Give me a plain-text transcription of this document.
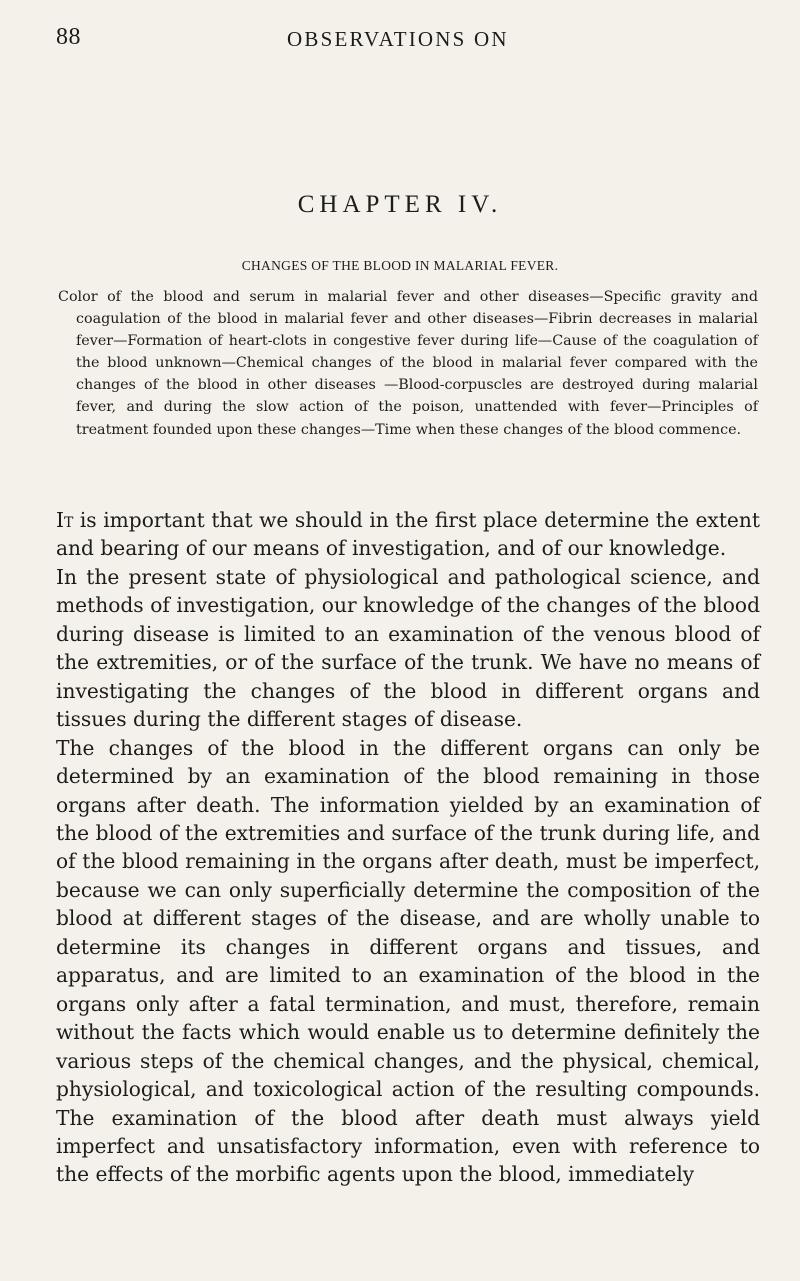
88	OBSERVATIONS ON
CHAPTER IV.
CHANGES OF THE BLOOD IN MALARIAL FEVER.

Color of the blood and serum in malarial fever and other diseases—Specific gravity and coagulation of the blood in malarial fever and other diseases—Fibrin decreases in malarial fever—Formation of heart-clots in congestive fever during life—Cause of the coagulation of the blood unknown—Chemical changes of the blood in malarial fever compared with the changes of the blood in other diseases —Blood-corpuscles are destroyed during malarial fever, and during the slow action of the poison, unattended with fever—Principles of treatment founded upon these changes—Time when these changes of the blood commence.

It is important that we should in the first place determine the extent and bearing of our means of investigation, and of our knowledge.

In the present state of physiological and pathological science, and methods of investigation, our knowledge of the changes of the blood during disease is limited to an examination of the venous blood of the extremities, or of the surface of the trunk. We have no means of investigating the changes of the blood in different organs and tissues during the different stages of disease.

The changes of the blood in the different organs can only be determined by an examination of the blood remaining in those organs after death. The information yielded by an examination of the blood of the extremities and surface of the trunk during life, and of the blood remaining in the organs after death, must be imperfect, because we can only superficially determine the composition of the blood at different stages of the disease, and are wholly unable to determine its changes in different organs and tissues, and apparatus, and are limited to an examination of the blood in the organs only after a fatal termination, and must, therefore, remain without the facts which would enable us to determine definitely the various steps of the chemical changes, and the physical, chemical, physiological, and toxicological action of the resulting compounds. The examination of the blood after death must always yield imperfect and unsatisfactory information, even with reference to the effects of the morbific agents upon the blood, immediately
